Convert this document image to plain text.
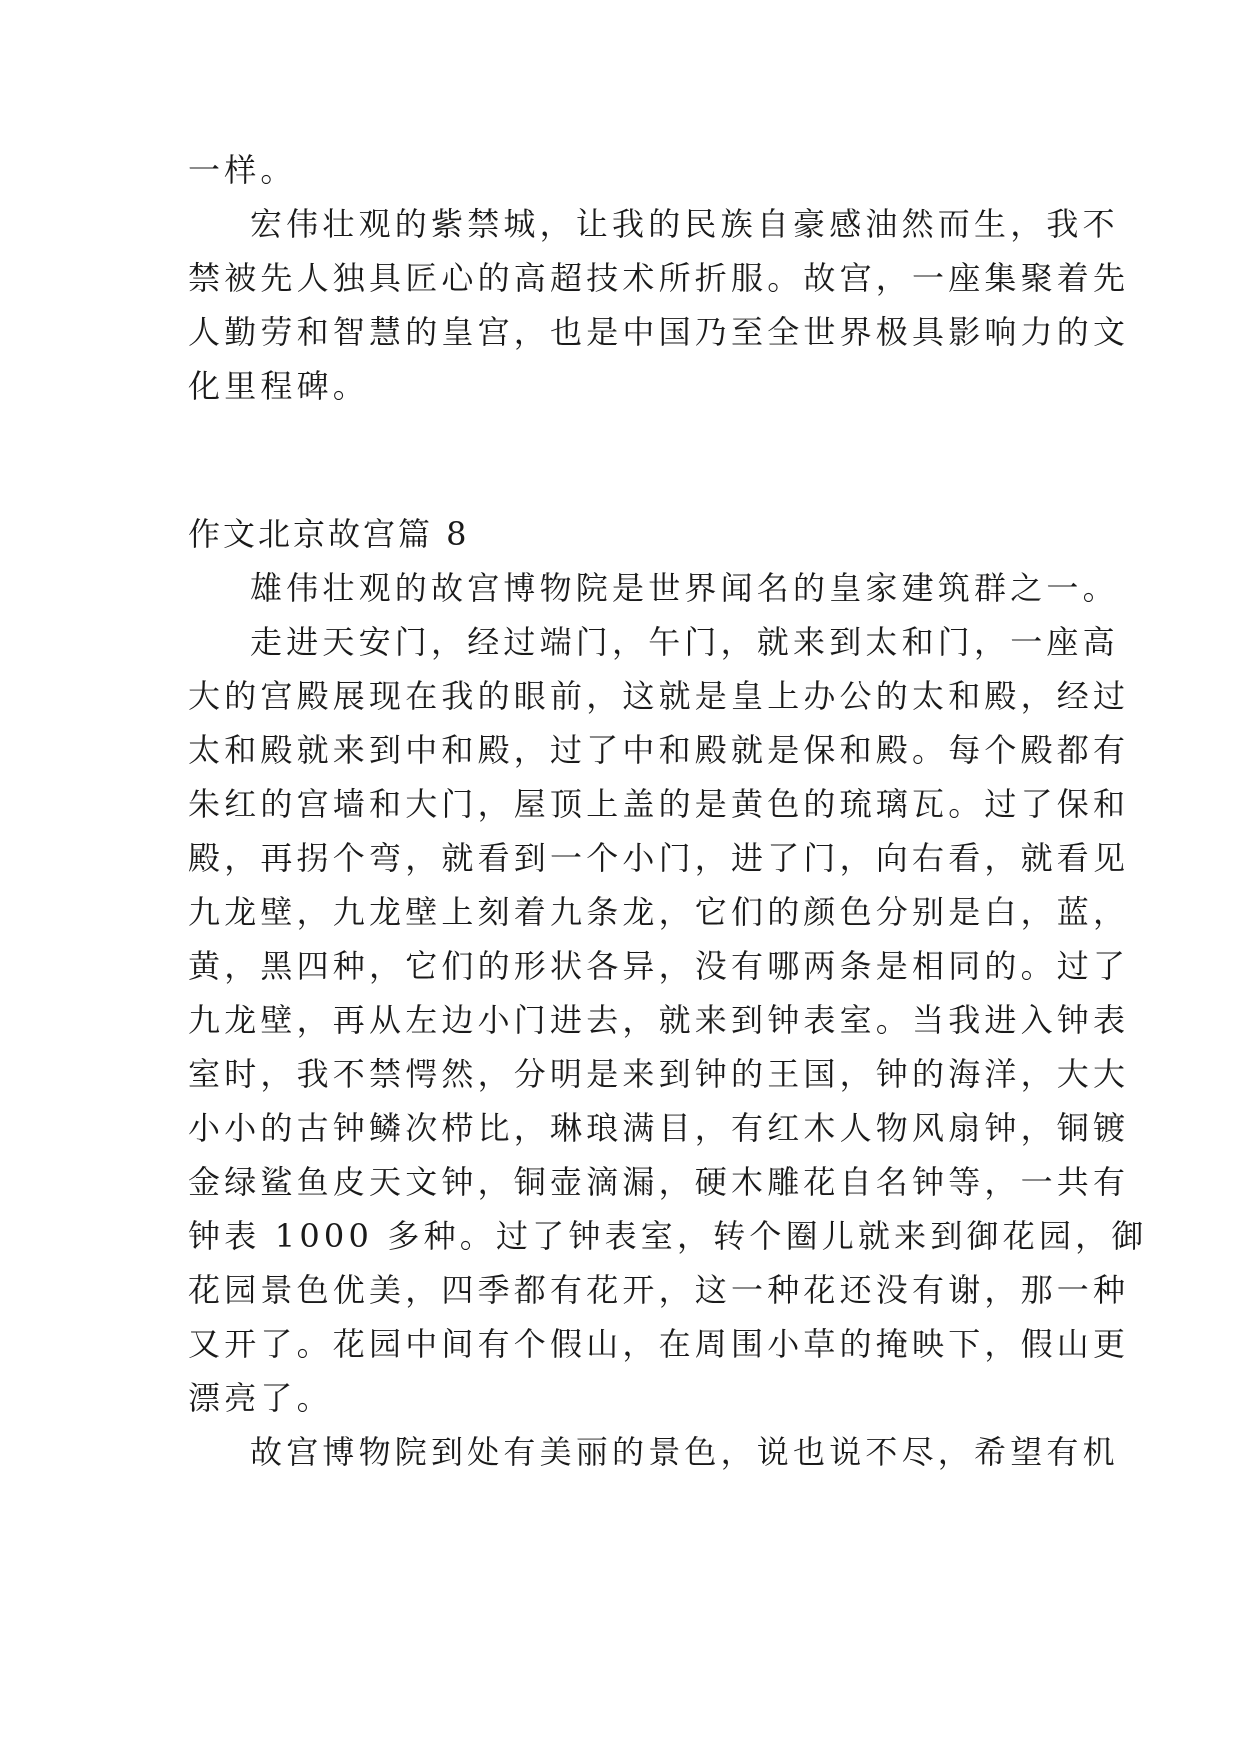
一样。

宏伟壮观的紫禁城，让我的民族自豪感油然而生，我不

禁被先人独具匠心的高超技术所折服。故宫，一座集聚着先

人勤劳和智慧的皇宫，也是中国乃至全世界极具影响力的文

化里程碑。

作文北京故宫篇 8

雄伟壮观的故宫博物院是世界闻名的皇家建筑群之一。

走进天安门，经过端门，午门，就来到太和门，一座高

大的宫殿展现在我的眼前，这就是皇上办公的太和殿，经过

太和殿就来到中和殿，过了中和殿就是保和殿。每个殿都有

朱红的宫墙和大门，屋顶上盖的是黄色的琉璃瓦。过了保和

殿，再拐个弯，就看到一个小门，进了门，向右看，就看见

九龙壁，九龙壁上刻着九条龙，它们的颜色分别是白，蓝，

黄，黑四种，它们的形状各异，没有哪两条是相同的。过了

九龙壁，再从左边小门进去，就来到钟表室。当我进入钟表

室时，我不禁愕然，分明是来到钟的王国，钟的海洋，大大

小小的古钟鳞次栉比，琳琅满目，有红木人物风扇钟，铜镀

金绿鲨鱼皮天文钟，铜壶滴漏，硬木雕花自名钟等，一共有

钟表 1000 多种。过了钟表室，转个圈儿就来到御花园，御

花园景色优美，四季都有花开，这一种花还没有谢，那一种

又开了。花园中间有个假山，在周围小草的掩映下，假山更

漂亮了。

故宫博物院到处有美丽的景色，说也说不尽，希望有机
